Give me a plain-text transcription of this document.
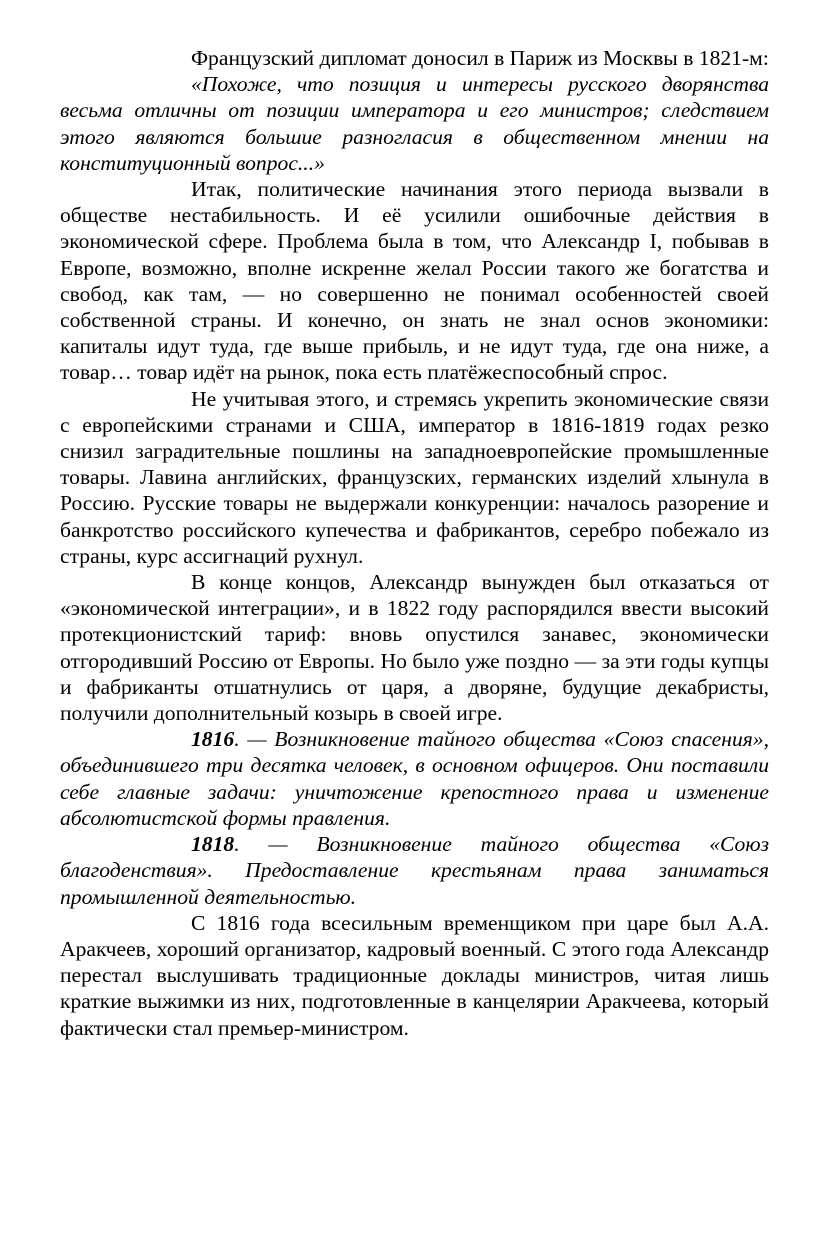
Французский дипломат доносил в Париж из Москвы в 1821-м:

«Похоже, что позиция и интересы русского дворянства весьма отличны от позиции императора и его министров; следствием этого являются большие разногласия в общественном мнении на конституционный вопрос...»

Итак, политические начинания этого периода вызвали в обществе нестабильность. И её усилили ошибочные действия в экономической сфере. Проблема была в том, что Александр I, побывав в Европе, возможно, вполне искренне желал России такого же богатства и свобод, как там, — но совершенно не понимал особенностей своей собственной страны. И конечно, он знать не знал основ экономики: капиталы идут туда, где выше прибыль, и не идут туда, где она ниже, а товар… товар идёт на рынок, пока есть платёжеспособный спрос.

Не учитывая этого, и стремясь укрепить экономические связи с европейскими странами и США, император в 1816-1819 годах резко снизил заградительные пошлины на западноевропейские промышленные товары. Лавина английских, французских, германских изделий хлынула в Россию. Русские товары не выдержали конкуренции: началось разорение и банкротство российского купечества и фабрикантов, серебро побежало из страны, курс ассигнаций рухнул.

В конце концов, Александр вынужден был отказаться от «экономической интеграции», и в 1822 году распорядился ввести высокий протекционистский тариф: вновь опустился занавес, экономически отгородивший Россию от Европы. Но было уже поздно — за эти годы купцы и фабриканты отшатнулись от царя, а дворяне, будущие декабристы, получили дополнительный козырь в своей игре.

1816. — Возникновение тайного общества «Союз спасения», объединившего три десятка человек, в основном офицеров. Они поставили себе главные задачи: уничтожение крепостного права и изменение абсолютистской формы правления.

1818. — Возникновение тайного общества «Союз благоденствия». Предоставление крестьянам права заниматься промышленной деятельностью.

С 1816 года всесильным временщиком при царе был А.А. Аракчеев, хороший организатор, кадровый военный. С этого года Александр перестал выслушивать традиционные доклады министров, читая лишь краткие выжимки из них, подготовленные в канцелярии Аракчеева, который фактически стал премьер-министром.
